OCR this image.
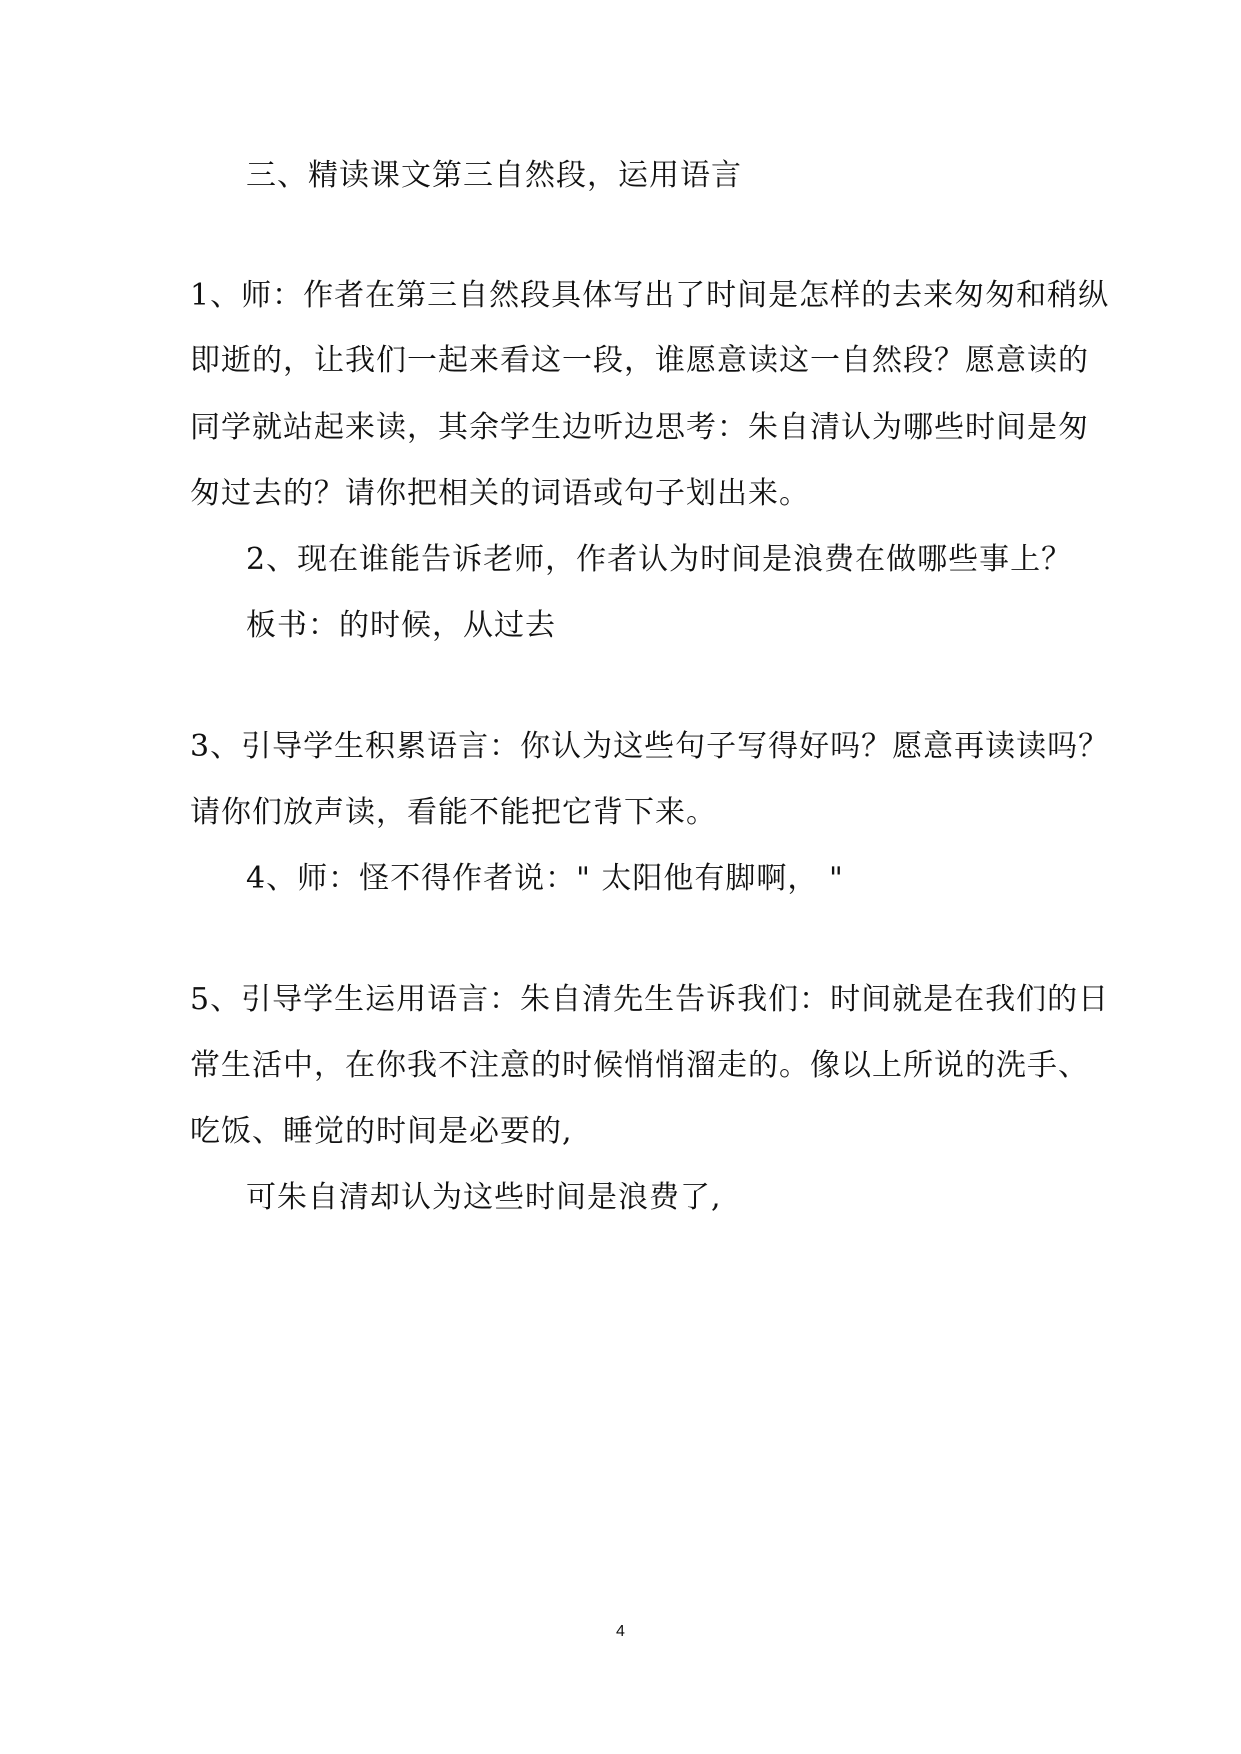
三、精读课文第三自然段，运用语言
1、师：作者在第三自然段具体写出了时间是怎样的去来匆匆和稍纵
即逝的，让我们一起来看这一段，谁愿意读这一自然段？愿意读的
同学就站起来读，其余学生边听边思考：朱自清认为哪些时间是匆
匆过去的？请你把相关的词语或句子划出来。
2、现在谁能告诉老师，作者认为时间是浪费在做哪些事上？
板书：的时候，从过去
3、引导学生积累语言：你认为这些句子写得好吗？愿意再读读吗？
请你们放声读，看能不能把它背下来。
4、师：怪不得作者说：" 太阳他有脚啊， "
5、引导学生运用语言：朱自清先生告诉我们：时间就是在我们的日
常生活中，在你我不注意的时候悄悄溜走的。像以上所说的洗手、
吃饭、睡觉的时间是必要的,
可朱自清却认为这些时间是浪费了,
4
